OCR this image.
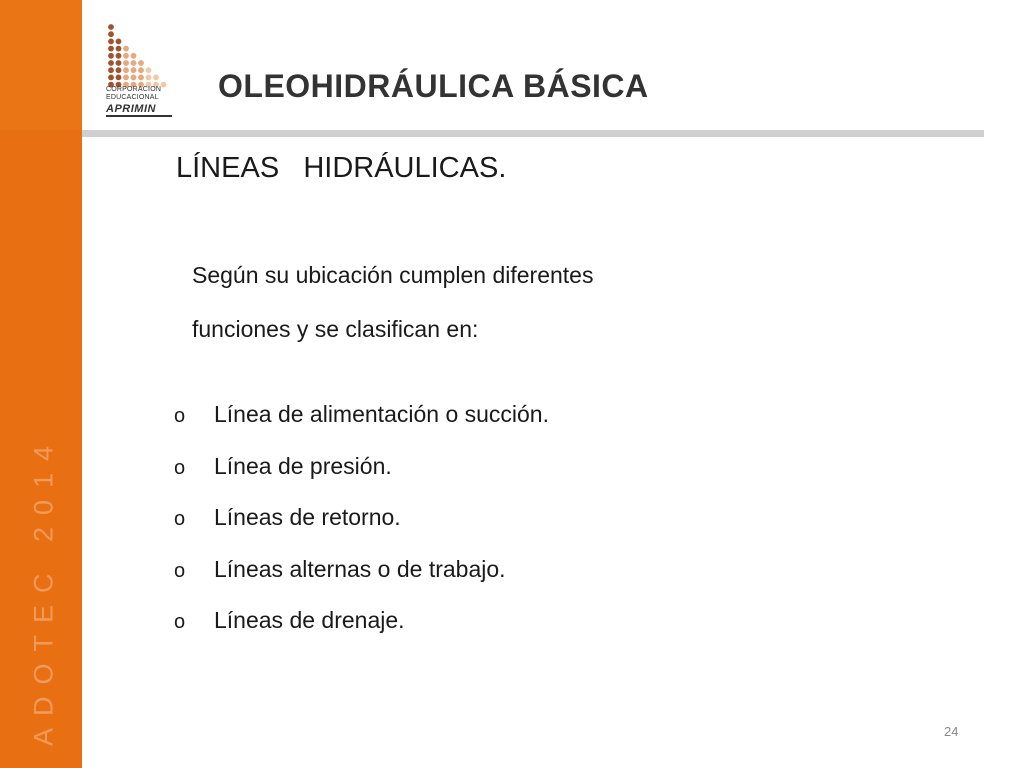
ADOTEC 2014
CORPORACION
EDUCACIONAL
APRIMIN
OLEOHIDRÁULICA BÁSICA
LÍNEAS   HIDRÁULICAS.
Según su ubicación cumplen diferentes
funciones y se clasifican en:
o Línea de alimentación o succión.
o Línea de presión.
o Líneas de retorno.
o Líneas alternas o de trabajo.
o Líneas de drenaje.
24
